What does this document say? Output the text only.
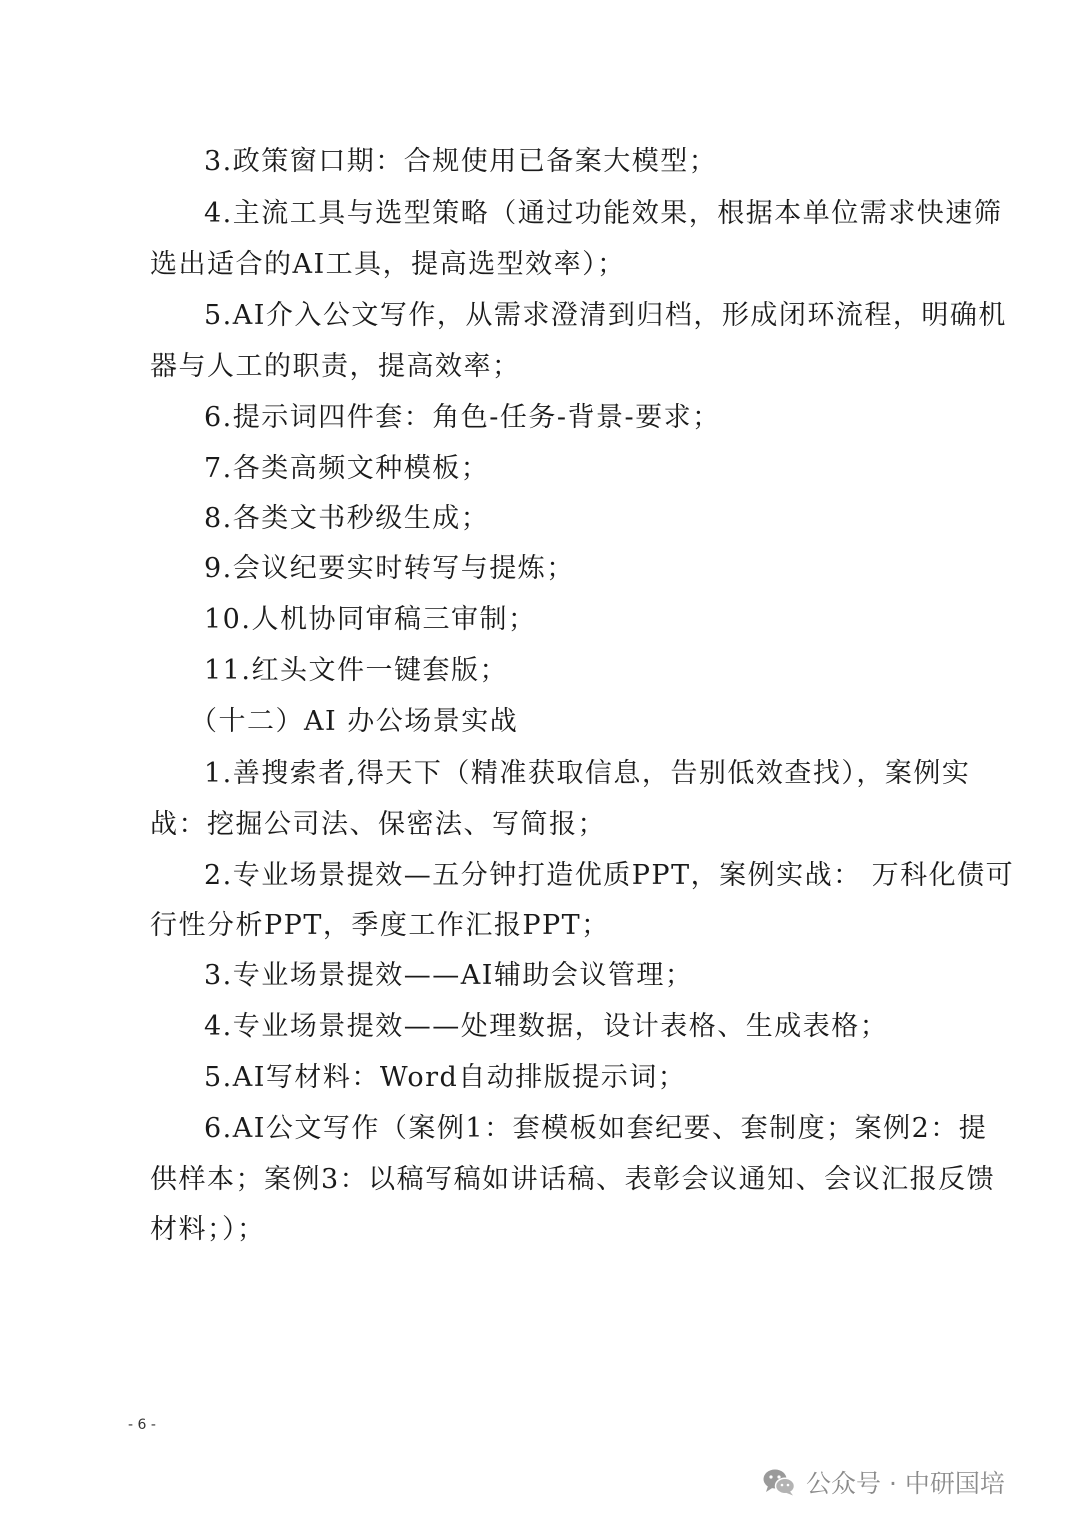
3.政策窗口期：合规使用已备案大模型；
4.主流工具与选型策略（通过功能效果，根据本单位需求快速筛
选出适合的AI工具，提高选型效率）；
5.AI介入公文写作，从需求澄清到归档，形成闭环流程，明确机
器与人工的职责，提高效率；
6.提示词四件套：角色-任务-背景-要求；
7.各类高频文种模板；
8.各类文书秒级生成；
9.会议纪要实时转写与提炼；
10.人机协同审稿三审制；
11.红头文件一键套版；
（十二）AI 办公场景实战
1.善搜索者,得天下（精准获取信息，告别低效查找），案例实
战：挖掘公司法、保密法、写简报；
2.专业场景提效—五分钟打造优质PPT，案例实战： 万科化债可
行性分析PPT，季度工作汇报PPT；
3.专业场景提效——AI辅助会议管理；
4.专业场景提效——处理数据，设计表格、生成表格；
5.AI写材料：Word自动排版提示词；
6.AI公文写作（案例1：套模板如套纪要、套制度；案例2：提
供样本；案例3：以稿写稿如讲话稿、表彰会议通知、会议汇报反馈
材料；）；
- 6 -
公众号 · 中研国培
